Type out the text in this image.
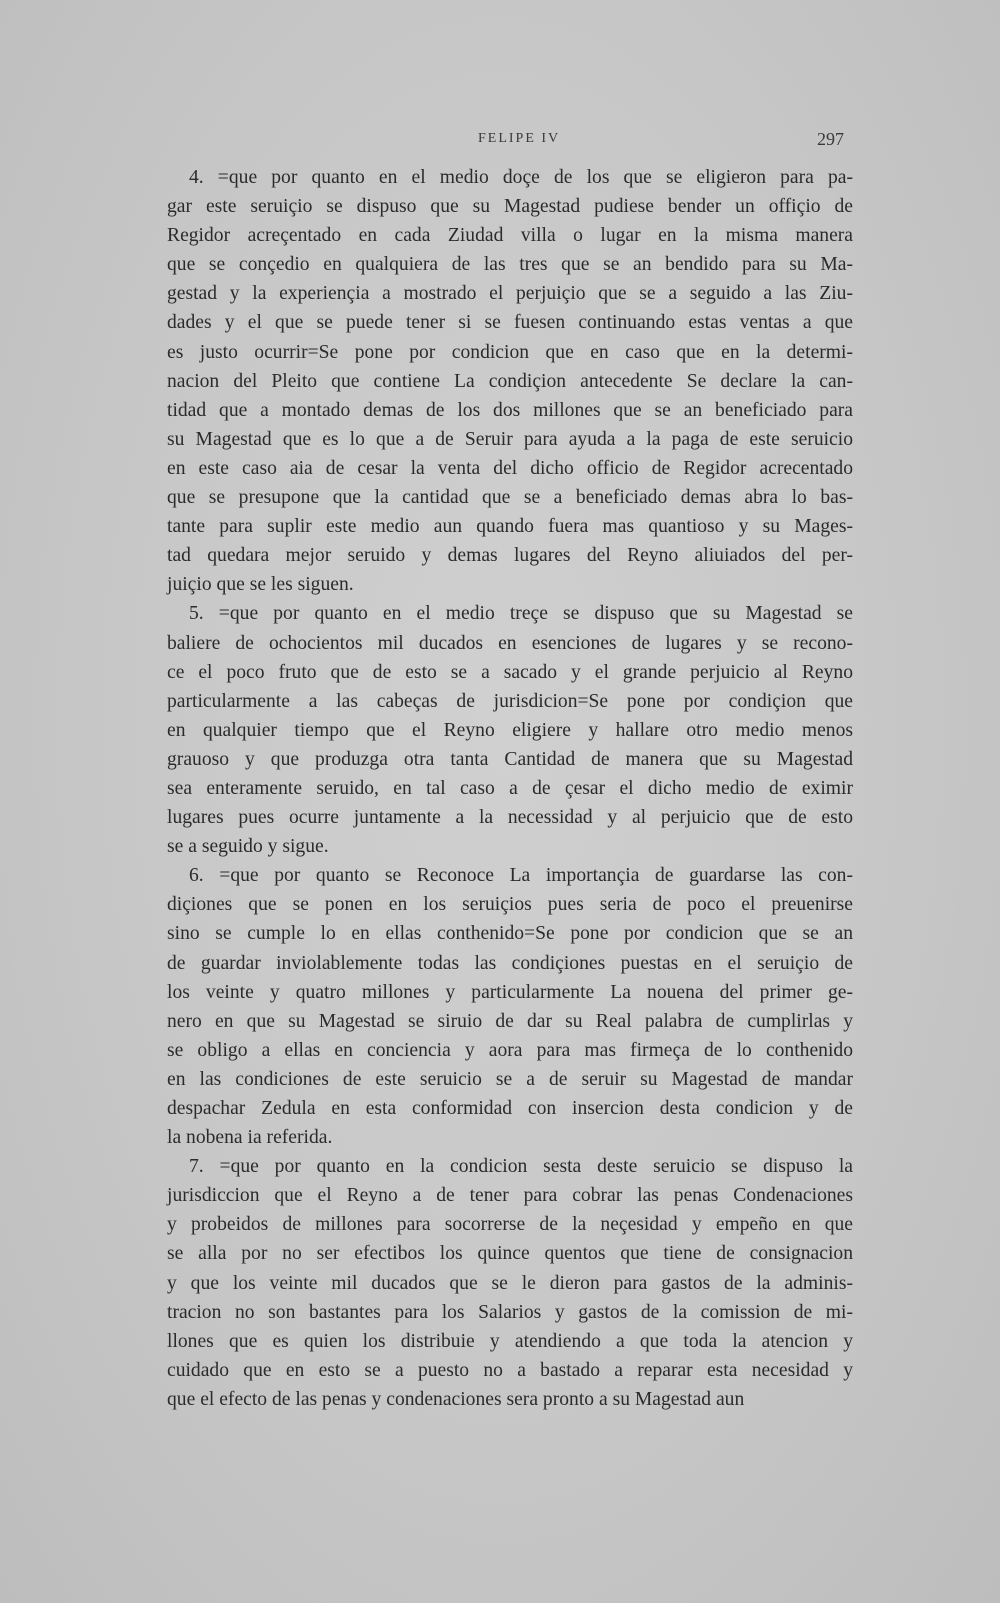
FELIPE IV	297
4. =que por quanto en el medio doçe de los que se eligieron para pa-
gar este seruiçio se dispuso que su Magestad pudiese bender un offiçio de
Regidor acreçentado en cada Ziudad villa o lugar en la misma manera
que se conçedio en qualquiera de las tres que se an bendido para su Ma-
gestad y la experiençia a mostrado el perjuiçio que se a seguido a las Ziu-
dades y el que se puede tener si se fuesen continuando estas ventas a que
es justo ocurrir=Se pone por condicion que en caso que en la determi-
nacion del Pleito que contiene La condiçion antecedente Se declare la can-
tidad que a montado demas de los dos millones que se an beneficiado para
su Magestad que es lo que a de Seruir para ayuda a la paga de este seruicio
en este caso aia de cesar la venta del dicho officio de Regidor acrecentado
que se presupone que la cantidad que se a beneficiado demas abra lo bas-
tante para suplir este medio aun quando fuera mas quantioso y su Mages-
tad quedara mejor seruido y demas lugares del Reyno aliuiados del per-
juiçio que se les siguen.
5. =que por quanto en el medio treçe se dispuso que su Magestad se
baliere de ochocientos mil ducados en esenciones de lugares y se recono-
ce el poco fruto que de esto se a sacado y el grande perjuicio al Reyno
particularmente a las cabeças de jurisdicion=Se pone por condiçion que
en qualquier tiempo que el Reyno eligiere y hallare otro medio menos
grauoso y que produzga otra tanta Cantidad de manera que su Magestad
sea enteramente seruido, en tal caso a de çesar el dicho medio de eximir
lugares pues ocurre juntamente a la necessidad y al perjuicio que de esto
se a seguido y sigue.
6. =que por quanto se Reconoce La importançia de guardarse las con-
diçiones que se ponen en los seruiçios pues seria de poco el preuenirse
sino se cumple lo en ellas conthenido=Se pone por condicion que se an
de guardar inviolablemente todas las condiçiones puestas en el seruiçio de
los veinte y quatro millones y particularmente La nouena del primer ge-
nero en que su Magestad se siruio de dar su Real palabra de cumplirlas y
se obligo a ellas en conciencia y aora para mas firmeça de lo conthenido
en las condiciones de este seruicio se a de seruir su Magestad de mandar
despachar Zedula en esta conformidad con insercion desta condicion y de
la nobena ia referida.
7. =que por quanto en la condicion sesta deste seruicio se dispuso la
jurisdiccion que el Reyno a de tener para cobrar las penas Condenaciones
y probeidos de millones para socorrerse de la neçesidad y empeño en que
se alla por no ser efectibos los quince quentos que tiene de consignacion
y que los veinte mil ducados que se le dieron para gastos de la adminis-
tracion no son bastantes para los Salarios y gastos de la comission de mi-
llones que es quien los distribuie y atendiendo a que toda la atencion y
cuidado que en esto se a puesto no a bastado a reparar esta necesidad y
que el efecto de las penas y condenaciones sera pronto a su Magestad aun
